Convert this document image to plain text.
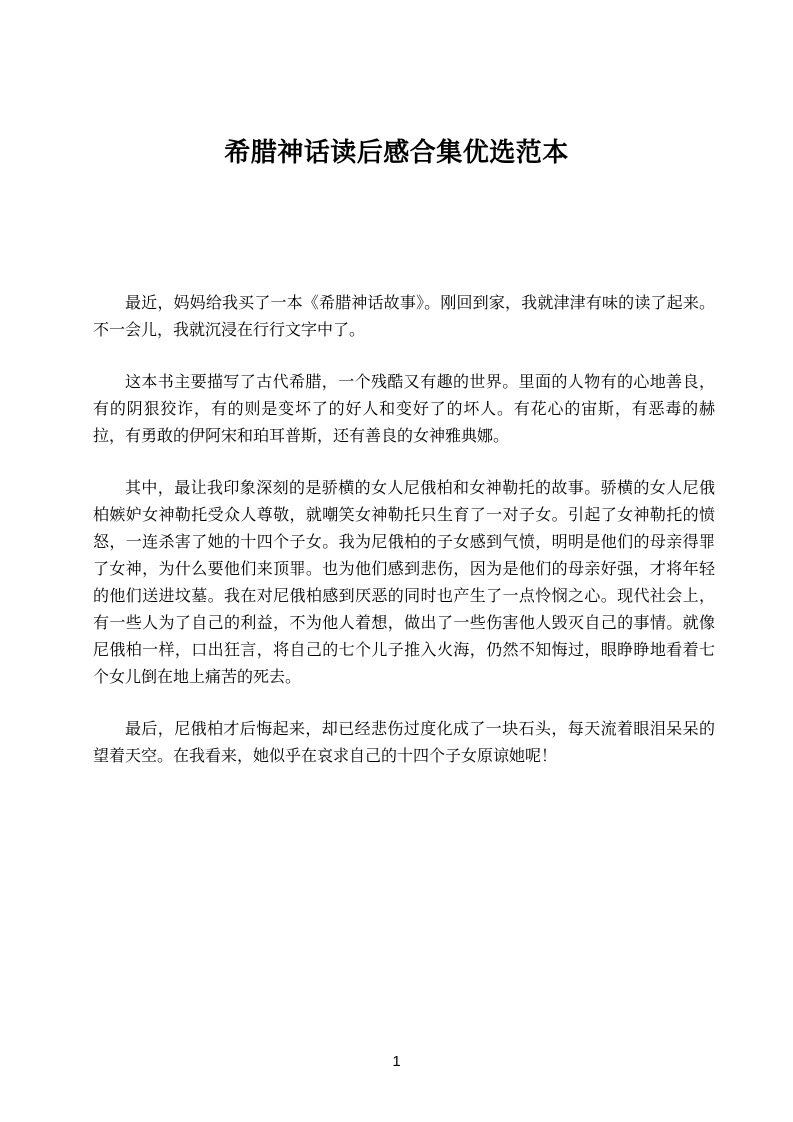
希腊神话读后感合集优选范本

最近，妈妈给我买了一本《希腊神话故事》。刚回到家，我就津津有味的读了起来。不一会儿，我就沉浸在行行文字中了。

这本书主要描写了古代希腊，一个残酷又有趣的世界。里面的人物有的心地善良，有的阴狠狡诈，有的则是变坏了的好人和变好了的坏人。有花心的宙斯，有恶毒的赫拉，有勇敢的伊阿宋和珀耳普斯，还有善良的女神雅典娜。

其中，最让我印象深刻的是骄横的女人尼俄柏和女神勒托的故事。骄横的女人尼俄柏嫉妒女神勒托受众人尊敬，就嘲笑女神勒托只生育了一对子女。引起了女神勒托的愤怒，一连杀害了她的十四个子女。我为尼俄柏的子女感到气愤，明明是他们的母亲得罪了女神，为什么要他们来顶罪。也为他们感到悲伤，因为是他们的母亲好强，才将年轻的他们送进坟墓。我在对尼俄柏感到厌恶的同时也产生了一点怜悯之心。现代社会上，有一些人为了自己的利益，不为他人着想，做出了一些伤害他人毁灭自己的事情。就像尼俄柏一样，口出狂言，将自己的七个儿子推入火海，仍然不知悔过，眼睁睁地看着七个女儿倒在地上痛苦的死去。

最后，尼俄柏才后悔起来，却已经悲伤过度化成了一块石头，每天流着眼泪呆呆的望着天空。在我看来，她似乎在哀求自己的十四个子女原谅她呢！

1
